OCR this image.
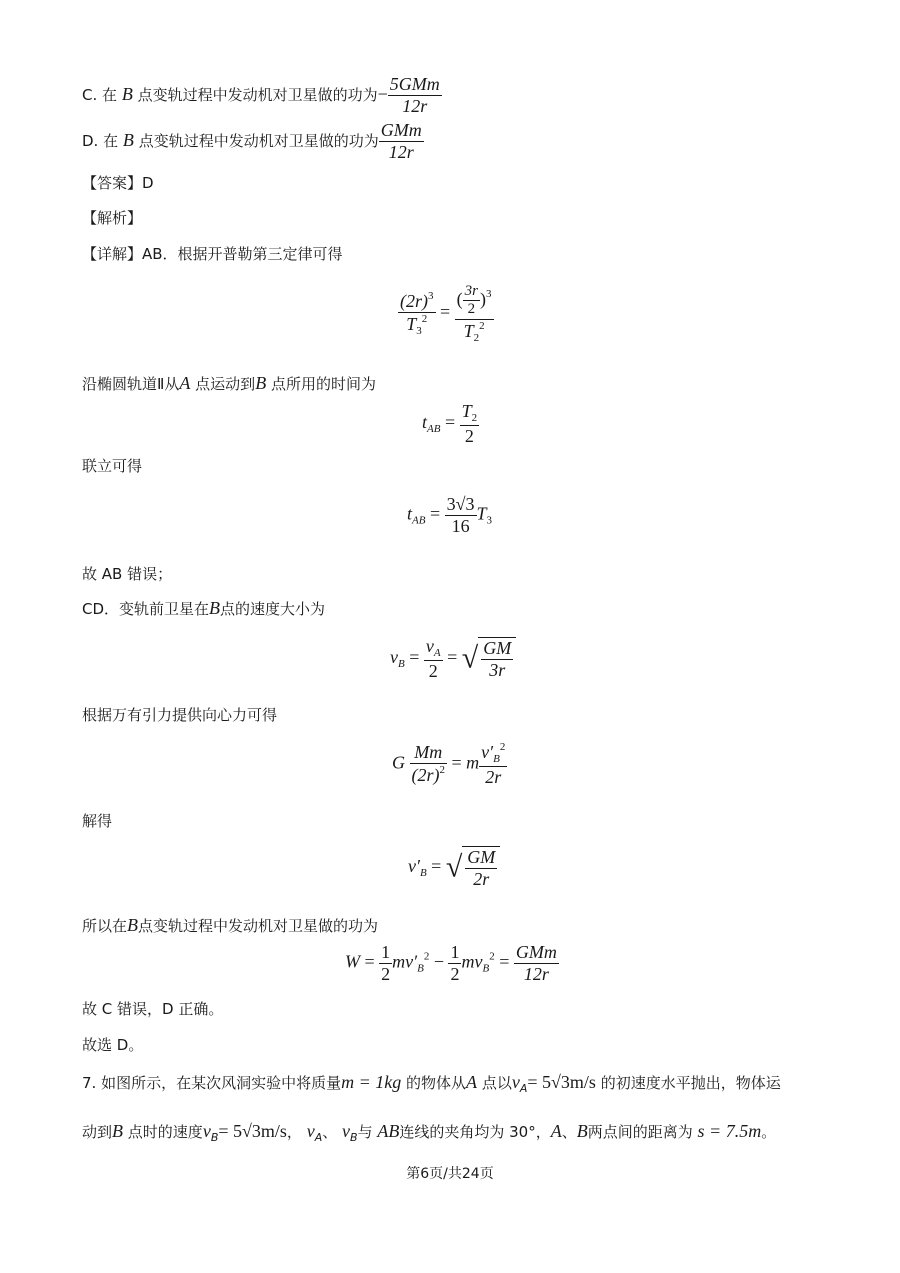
C. 在 B 点变轨过程中发动机对卫星做的功为− $\frac{\text{5GMm}}{12r}$
D. 在 B 点变轨过程中发动机对卫星做的功为 $\frac{\text{GMm}}{12r}$
【答案】D
【解析】
【详解】AB．根据开普勒第三定律可得
$\frac{(2r)^3}{T_3^2} = \frac{( \frac{3r}{2} )^3}{T_2^2}$
沿椭圆轨道Ⅱ从A 点运动到B 点所用的时间为
$t_{AB} = \frac{T_2}{2}$
联立可得
$t_{AB} = \frac{3√3}{16} T_3$
故 AB 错误；
CD．变轨前卫星在B点的速度大小为
$v_B = \frac{v_A}{2}$ = √ $\frac{GM}{3r}$
根据万有引力提供向心力可得
G $\frac{Mm}{(2r)^2} = m \frac{v'_B^2}{2r}$
解得
$v'_B$ = √ $\frac{GM}{2r}$
所以在B点变轨过程中发动机对卫星做的功为
$W = \frac{1}{2} mv'_B^2 - \frac{1}{2} mv_B^2 = \frac{\text{GMm}}{12r}$
故 C 错误，D 正确。
故选 D。
7. 如图所示，在某次风洞实验中将质量m = 1kg 的物体从A 点以$v_A= 5√3m/s$ 的初速度水平抛出，物体运
动到B 点时的速度$v_B= 5√3m/s$， $v_A$、 $v_B$与 AB连线的夹角均为 30°，A、B两点间的距离为 s = 7.5m。
第6页/共24页
